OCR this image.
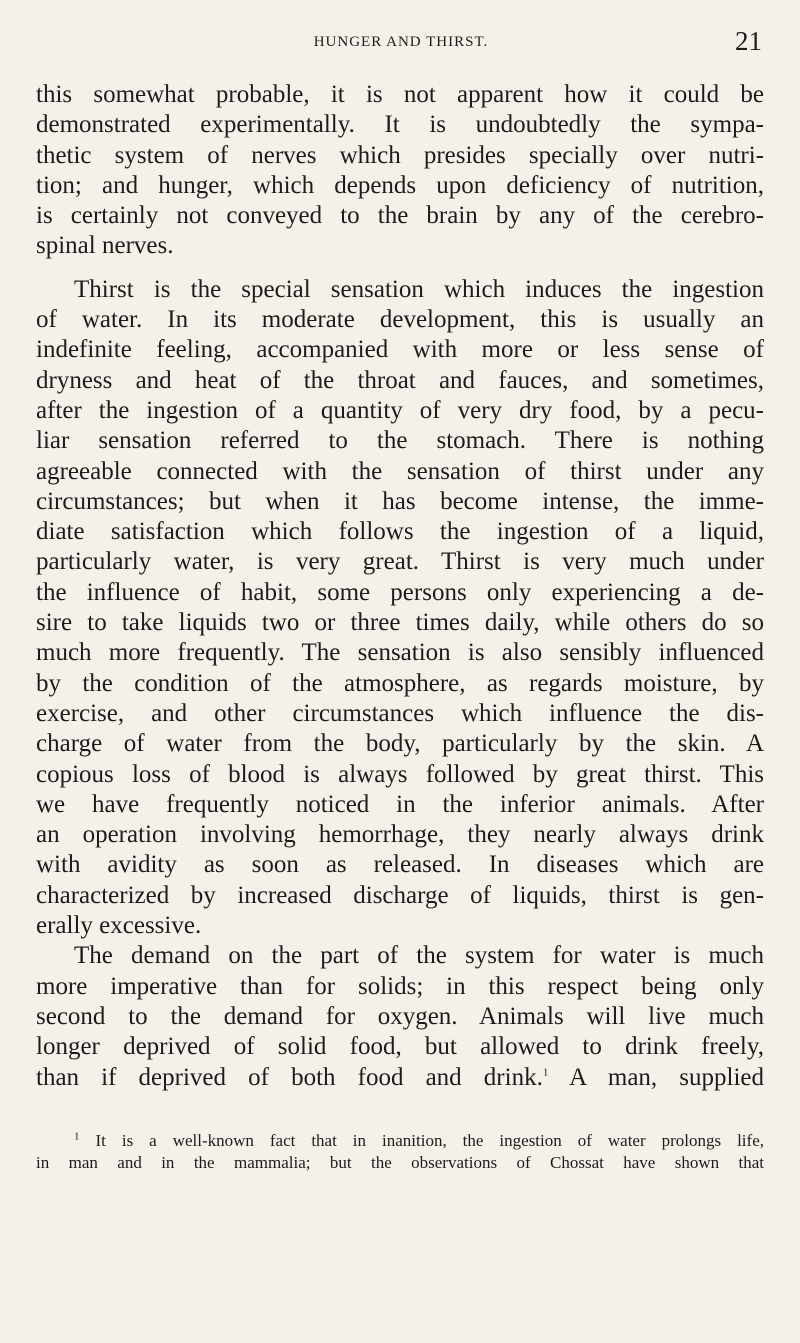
HUNGER AND THIRST.	21
this somewhat probable, it is not apparent how it could be
demonstrated experimentally. It is undoubtedly the sympa-
thetic system of nerves which presides specially over nutri-
tion; and hunger, which depends upon deficiency of nutrition,
is certainly not conveyed to the brain by any of the cerebro-
spinal nerves.
Thirst is the special sensation which induces the ingestion
of water. In its moderate development, this is usually an
indefinite feeling, accompanied with more or less sense of
dryness and heat of the throat and fauces, and sometimes,
after the ingestion of a quantity of very dry food, by a pecu-
liar sensation referred to the stomach. There is nothing
agreeable connected with the sensation of thirst under any
circumstances; but when it has become intense, the imme-
diate satisfaction which follows the ingestion of a liquid,
particularly water, is very great. Thirst is very much under
the influence of habit, some persons only experiencing a de-
sire to take liquids two or three times daily, while others do so
much more frequently. The sensation is also sensibly influenced
by the condition of the atmosphere, as regards moisture, by
exercise, and other circumstances which influence the dis-
charge of water from the body, particularly by the skin. A
copious loss of blood is always followed by great thirst. This
we have frequently noticed in the inferior animals. After
an operation involving hemorrhage, they nearly always drink
with avidity as soon as released. In diseases which are
characterized by increased discharge of liquids, thirst is gen-
erally excessive.
The demand on the part of the system for water is much
more imperative than for solids; in this respect being only
second to the demand for oxygen. Animals will live much
longer deprived of solid food, but allowed to drink freely,
than if deprived of both food and drink.$^1$ A man, supplied
$^1$ It is a well-known fact that in inanition, the ingestion of water prolongs life,
in man and in the mammalia; but the observations of Chossat have shown that
